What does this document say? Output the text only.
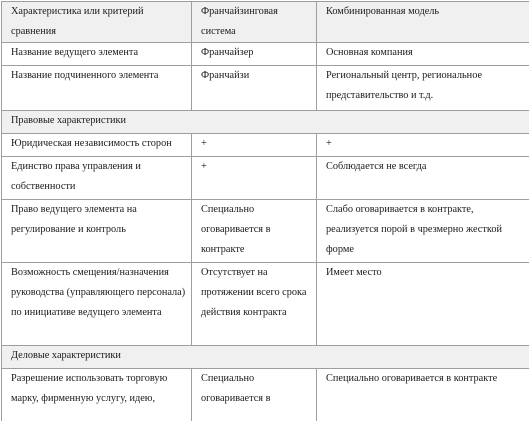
Характеристика или критерий сравнения	Франчайзинговая система	Комбинированная модель
Название ведущего элемента	Франчайзер	Основная компания
Название подчиненного элемента	Франчайзи	Региональный центр, региональное представительство и т.д.
Правовые характеристики		
Юридическая независимость сторон	+	+
Единство права управления и собственности	+	Соблюдается не всегда
Право ведущего элемента на регулирование и контроль	Специально оговаривается в контракте	Слабо оговаривается в контракте, реализуется порой в чрезмерно жесткой форме
Возможность смещения/назначения руководства (управляющего персонала) по инициативе ведущего элемента	Отсутствует на протяжении всего срока действия контракта	Имеет место
Деловые характеристики		
Разрешение использовать торговую марку, фирменную услугу, идею,	Специально оговаривается в	Специально оговаривается в контракте
